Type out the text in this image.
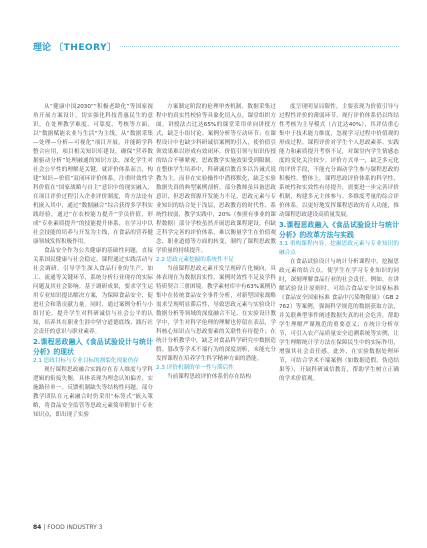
理论 〔THEORY〕

从“健康中国2030”“积极老龄化”等国家视角开展方案设计，切实强化科技普惠民生的意识。在处理教学难度、可靠度、考核等方面，以“数据赋能农业与生活”为主线，从“数据采集—处理—分析—可视化”项目开展，并能跨学科整合应用，项目相关知识库建设，确保“营养数据驱动分析”处理融通的知识方法。深化学生对社会公平性的理解是关键。就评价体系而言，构建“知识—价值”双闭环评价体系，注重时效性学科价值在“国家战略与自主”意识中的现实融入，在项目评价过程引入企业评价制度，将方法论有机嵌入其中，通过“数据融合”综合获得多学科实践经验，通过“在农校能力提升”学员价值，形成“专业素质提升”的技能提升体系，在学习中以社会技能的培养与开发为主线，在食品的营养健康领域发挥积极作用。

食品安全作为公共健康的基础性问题，直接关系国民健康与社会稳定。课程通过实践活动与社会调研，引导学生深入食品行业的生产、加工、流通等关键环节，系统分析行业现存的实际问题及其社会影响。基于调研成果，要求学生运用专业知识提出解决方案，为保障食品安全、促进社会和谐贡献力量。同时，通过案例分析与小组讨论，提升学生对科研诚信与社会公平的认知，培养其在职业生涯中坚守道德底线、践行社会责任的意识与职业素养。

2.课程思政融入《食品试验设计与统计分析》的现状

2.1 思政目标与专业目标的割裂化现象仍存

现行课程思政融合实践存在育人维度与学科逻辑的衔接失衡，具体表现为理念认知偏差、实施路径单一、反馈机制缺失等结构性问题。部分教学团队在元素融合时仍采用“标签式”嵌入策略，将食品安全监管等思政元素简单附加于专业知识点，即出现了实验

方案制定阶段的伦理审查机制、数据采集过程中的真实性校验等具象化切入点。课堂组织方面，讲授法占比达65%的课堂采用单向讲授方式，缺乏小组讨论、案例分析等互动环节；在课程设计中也缺少科研诚信案例的引入，使价值引领效果难以形成有效闭环。价值引领与知识传授的结合不够紧密，思政教学实施效果受到限制。在整体学生培养中，科研诚信教育多以告诫式说教为主，而非在实验操作中潜移默化，缺乏实验数据失真的典型案例剖析。部分教师虽具备思政意识，但思政资源开发能力不足，思政元素与专业知识的结合处于浅层，思政教育的时代性、系统性较弱，教学实践中，20%（参照有事业的课程数据）部分学校虽然开展思政课程建设，但缺乏科学完善的评价体系，难以衡量学生在价值观念、职业道德等方面的转变，制约了课程思政教学质量的持续提升。

2.2 思政元素挖掘的系统性不足

当前课程思政元素开发呈现碎片化倾向，具体表现在为数据真实性、案例时效性不足及学科特质契合三重困境。教学素材库中有63%案例仍集中在传统食品安全事件分析，对新型国家战略需求呈现明显滞后性，导致思政元素与实验设计数据分析等领域的深度融合不足。在实验设计教学中，学生对科学伦理的理解也停留在表层，学科核心知识点与思政要素的关联性有待提升；在统计分析教学中，缺乏对食品科学研究中数据造假、篡改等学术不端行为的深度剖析，未能充分发挥课程在培养学生科学精神方面的潜能。

2.3 评价机制的单一性与滞后性

当前课程思政评价体系仍存在结构

度呈现明显局限性，主要表现为价值引导与过程性评价的薄弱环节，现行评价体系仍以终结性考核为主导模式（占比达40%），其评估重心集中于技术能力维度，忽视学习过程中价值观的形成过程。课程评价对学生个人思政素养、实践能力和素质提升考察不足，对课堂内学生情感态度的变化关注较少。评价方式单一，缺乏多元化的评价手段，不能充分调动学生参与课程思政的积极性。整体上，课程思政评价体系的科学性、系统性和实效性有待提升，需要进一步完善评价机制，构建多元主体参与、多维度考量的综合评价体系，以更好地发挥课程思政的育人功能，推动课程思政建设高质量发展。

3.课程思政融入《食品试验设计与统计分析》的改革方法与实践

3.1 重构课程内容，挖掘思政元素与专业知识的融合点

在食品试验设计与统计分析课程中，挖掘思政元素的结合点，使学生在学习专业知识的同时，深刻理解食品行业的社会责任。例如，在讲解试验设计原则时，可结合食品安全国家标准《食品安全国家标准 食品中污染物限量》（GB 2762）等案例，强调科学规范的数据获取方法，并关联典型事件阐述数据失真的社会危害，帮助学生理解严谨规范的重要意义；在统计分析章节，可引入农产品质量安全追溯系统等实例，让学生理解统计学方法在保障民生中的实际作用，增强其社会责任感。此外，在实验数据处理环节，可结合学术不端案例（如数据造假、伪造结果等），开展科研诚信教育，帮助学生树立正确的学术价值观。

84 | FOOD INDUSTRY 3
